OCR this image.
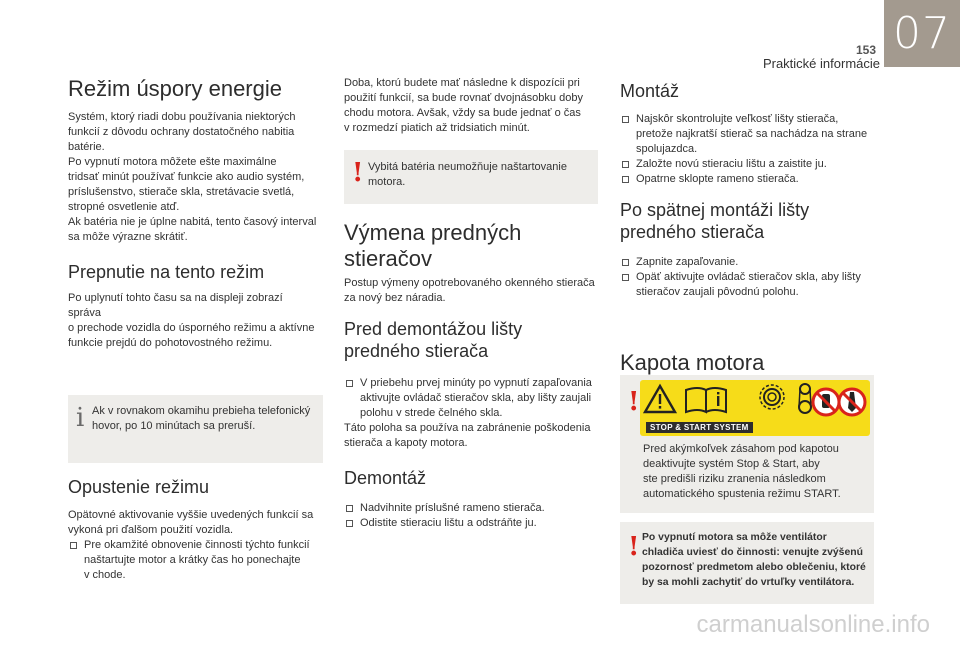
153
Praktické informácie
07
Režim úspory energie

Systém, ktorý riadi dobu používania niektorých

funkcií z dôvodu ochrany dostatočného nabitia

batérie.

Po vypnutí motora môžete ešte maximálne

tridsať minút používať funkcie ako audio systém,

príslušenstvo, stierače skla, stretávacie svetlá,

stropné osvetlenie atď.

Ak batéria nie je úplne nabitá, tento časový interval

sa môže výrazne skrátiť.

Prepnutie na tento režim

Po uplynutí tohto času sa na displeji zobrazí správa

o prechode vozidla do úsporného režimu a aktívne

funkcie prejdú do pohotovostného režimu.

i Ak v rovnakom okamihu prebieha telefonický

hovor, po 10 minútach sa preruší.

Opustenie režimu

Opätovné aktivovanie vyššie uvedených funkcií sa

vykoná pri ďalšom použití vozidla.

Pre okamžité obnovenie činnosti týchto funkcií

naštartujte motor a krátky čas ho ponechajte

v chode.

Doba, ktorú budete mať následne k dispozícii pri

použití funkcií, sa bude rovnať dvojnásobku doby

chodu motora. Avšak, vždy sa bude jednať o čas

v rozmedzí piatich až tridsiatich minút.

! Vybitá batéria neumožňuje naštartovanie

motora.

Výmena predných
stieračov

Postup výmeny opotrebovaného okenného stierača

za nový bez náradia.

Pred demontážou lišty
predného stierača

V priebehu prvej minúty po vypnutí zapaľovania

aktivujte ovládač stieračov skla, aby lišty zaujali

polohu v strede čelného skla.

Táto poloha sa používa na zabránenie poškodenia

stierača a kapoty motora.

Demontáž

Nadvihnite príslušné rameno stierača.

Odistite stieraciu lištu a odstráňte ju.

Montáž

Najskôr skontrolujte veľkosť lišty stierača,

pretože najkratší stierač sa nachádza na strane

spolujazdca.

Založte novú stieraciu lištu a zaistite ju.

Opatrne sklopte rameno stierača.

Po spätnej montáži lišty
predného stierača

Zapnite zapaľovanie.

Opäť aktivujte ovládač stieračov skla, aby lišty

stieračov zaujali pôvodnú polohu.

Kapota motora
!
STOP & START SYSTEM

Pred akýmkoľvek zásahom pod kapotou

deaktivujte systém Stop & Start, aby

ste predišli riziku zranenia následkom

automatického spustenia režimu START.

! Po vypnutí motora sa môže ventilátor

chladiča uviesť do činnosti: venujte zvýšenú

pozornosť predmetom alebo oblečeniu, ktoré

by sa mohli zachytiť do vrtuľky ventilátora.

carmanualsonline.info
